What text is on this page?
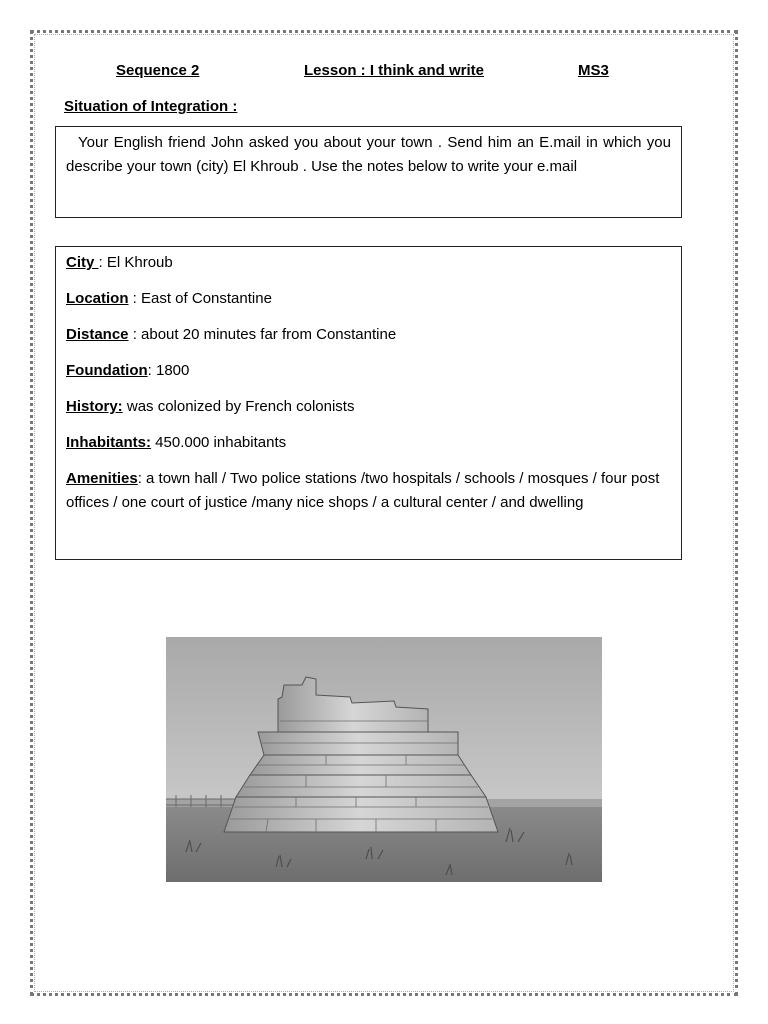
Sequence 2	Lesson : I think and write	MS3
Situation of Integration :
Your English friend John asked you about your town . Send him an E.mail in which you describe your town (city) El Khroub . Use the notes below to write your e.mail
City : El Khroub
Location : East of Constantine
Distance : about 20 minutes far from Constantine
Foundation: 1800
History: was colonized by French colonists
Inhabitants: 450.000 inhabitants
Amenities: a town hall / Two police stations /two hospitals / schools / mosques / four post offices / one court of justice /many nice shops / a cultural center / and dwelling
